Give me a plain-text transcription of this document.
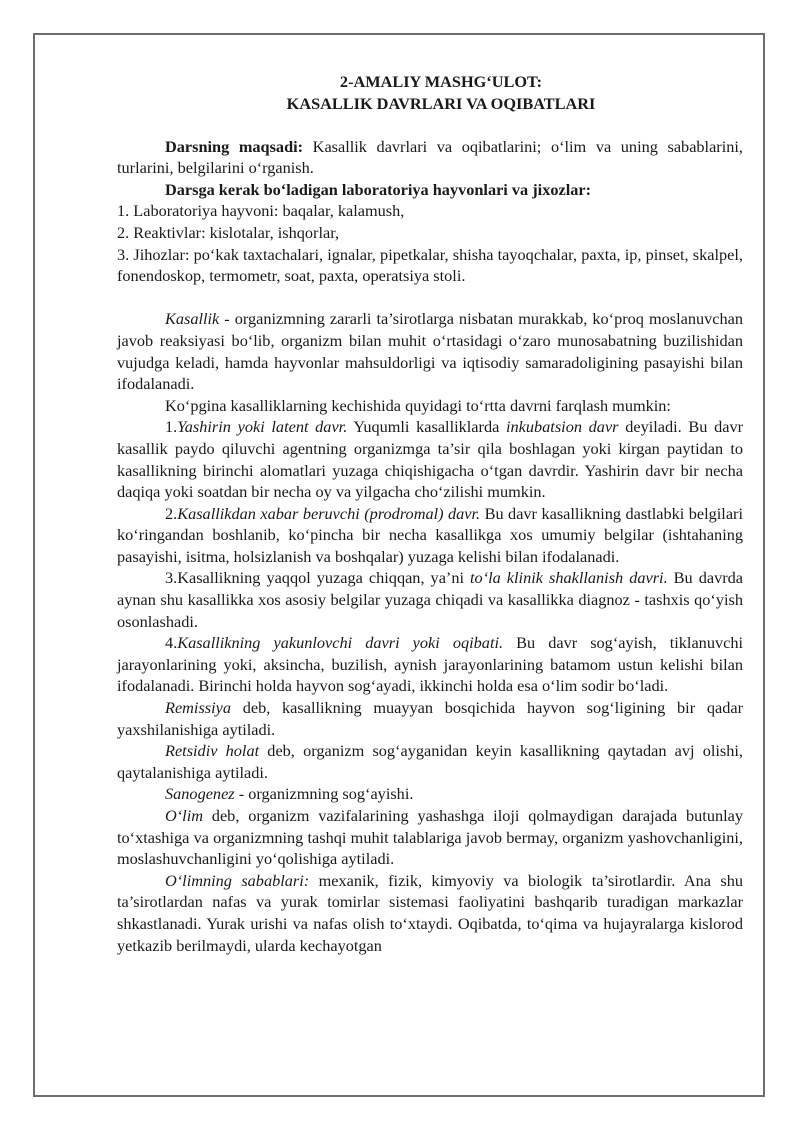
2-AMALIY MASHG‘ULOT:
KASALLIK DAVRLARI VA OQIBATLARI

Darsning maqsadi: Kasallik davrlari va oqibatlarini; o‘lim va uning sabablarini, turlarini, belgilarini o‘rganish.

Darsga kerak bo‘ladigan laboratoriya hayvonlari va jixozlar:

1. Laboratoriya hayvoni: baqalar, kalamush,

2. Reaktivlar: kislotalar, ishqorlar,

3. Jihozlar: po‘kak taxtachalari, ignalar, pipetkalar, shisha tayoqchalar, paxta, ip, pinset, skalpel, fonendoskop, termometr, soat, paxta, operatsiya stoli.

Kasallik - organizmning zararli ta’sirotlarga nisbatan murakkab, ko‘proq moslanuvchan javob reaksiyasi bo‘lib, organizm bilan muhit o‘rtasidagi o‘zaro munosabatning buzilishidan vujudga keladi, hamda hayvonlar mahsuldorligi va iqtisodiy samaradoligining pasayishi bilan ifodalanadi.

Ko‘pgina kasalliklarning kechishida quyidagi to‘rtta davrni farqlash mumkin:

1.Yashirin yoki latent davr. Yuqumli kasalliklarda inkubatsion davr deyiladi. Bu davr kasallik paydo qiluvchi agentning organizmga ta’sir qila boshlagan yoki kirgan paytidan to kasallikning birinchi alomatlari yuzaga chiqishigacha o‘tgan davrdir. Yashirin davr bir necha daqiqa yoki soatdan bir necha oy va yilgacha cho‘zilishi mumkin.

2.Kasallikdan xabar beruvchi (prodromal) davr. Bu davr kasallikning dastlabki belgilari ko‘ringandan boshlanib, ko‘pincha bir necha kasallikga xos umumiy belgilar (ishtahaning pasayishi, isitma, holsizlanish va boshqalar) yuzaga kelishi bilan ifodalanadi.

3.Kasallikning yaqqol yuzaga chiqqan, ya’ni to‘la klinik shakllanish davri. Bu davrda aynan shu kasallikka xos asosiy belgilar yuzaga chiqadi va kasallikka diagnoz - tashxis qo‘yish osonlashadi.

4.Kasallikning yakunlovchi davri yoki oqibati. Bu davr sog‘ayish, tiklanuvchi jarayonlarining yoki, aksincha, buzilish, aynish jarayonlarining batamom ustun kelishi bilan ifodalanadi. Birinchi holda hayvon sog‘ayadi, ikkinchi holda esa o‘lim sodir bo‘ladi.

Remissiya deb, kasallikning muayyan bosqichida hayvon sog‘ligining bir qadar yaxshilanishiga aytiladi.

Retsidiv holat deb, organizm sog‘ayganidan keyin kasallikning qaytadan avj olishi, qaytalanishiga aytiladi.

Sanogenez - organizmning sog‘ayishi.

O‘lim deb, organizm vazifalarining yashashga iloji qolmaydigan darajada butunlay to‘xtashiga va organizmning tashqi muhit talablariga javob bermay, organizm yashovchanligini, moslashuvchanligini yo‘qolishiga aytiladi.

O‘limning sabablari: mexanik, fizik, kimyoviy va biologik ta’sirotlardir. Ana shu ta’sirotlardan nafas va yurak tomirlar sistemasi faoliyatini bashqarib turadigan markazlar shkastlanadi. Yurak urishi va nafas olish to‘xtaydi. Oqibatda, to‘qima va hujayralarga kislorod yetkazib berilmaydi, ularda kechayotgan
